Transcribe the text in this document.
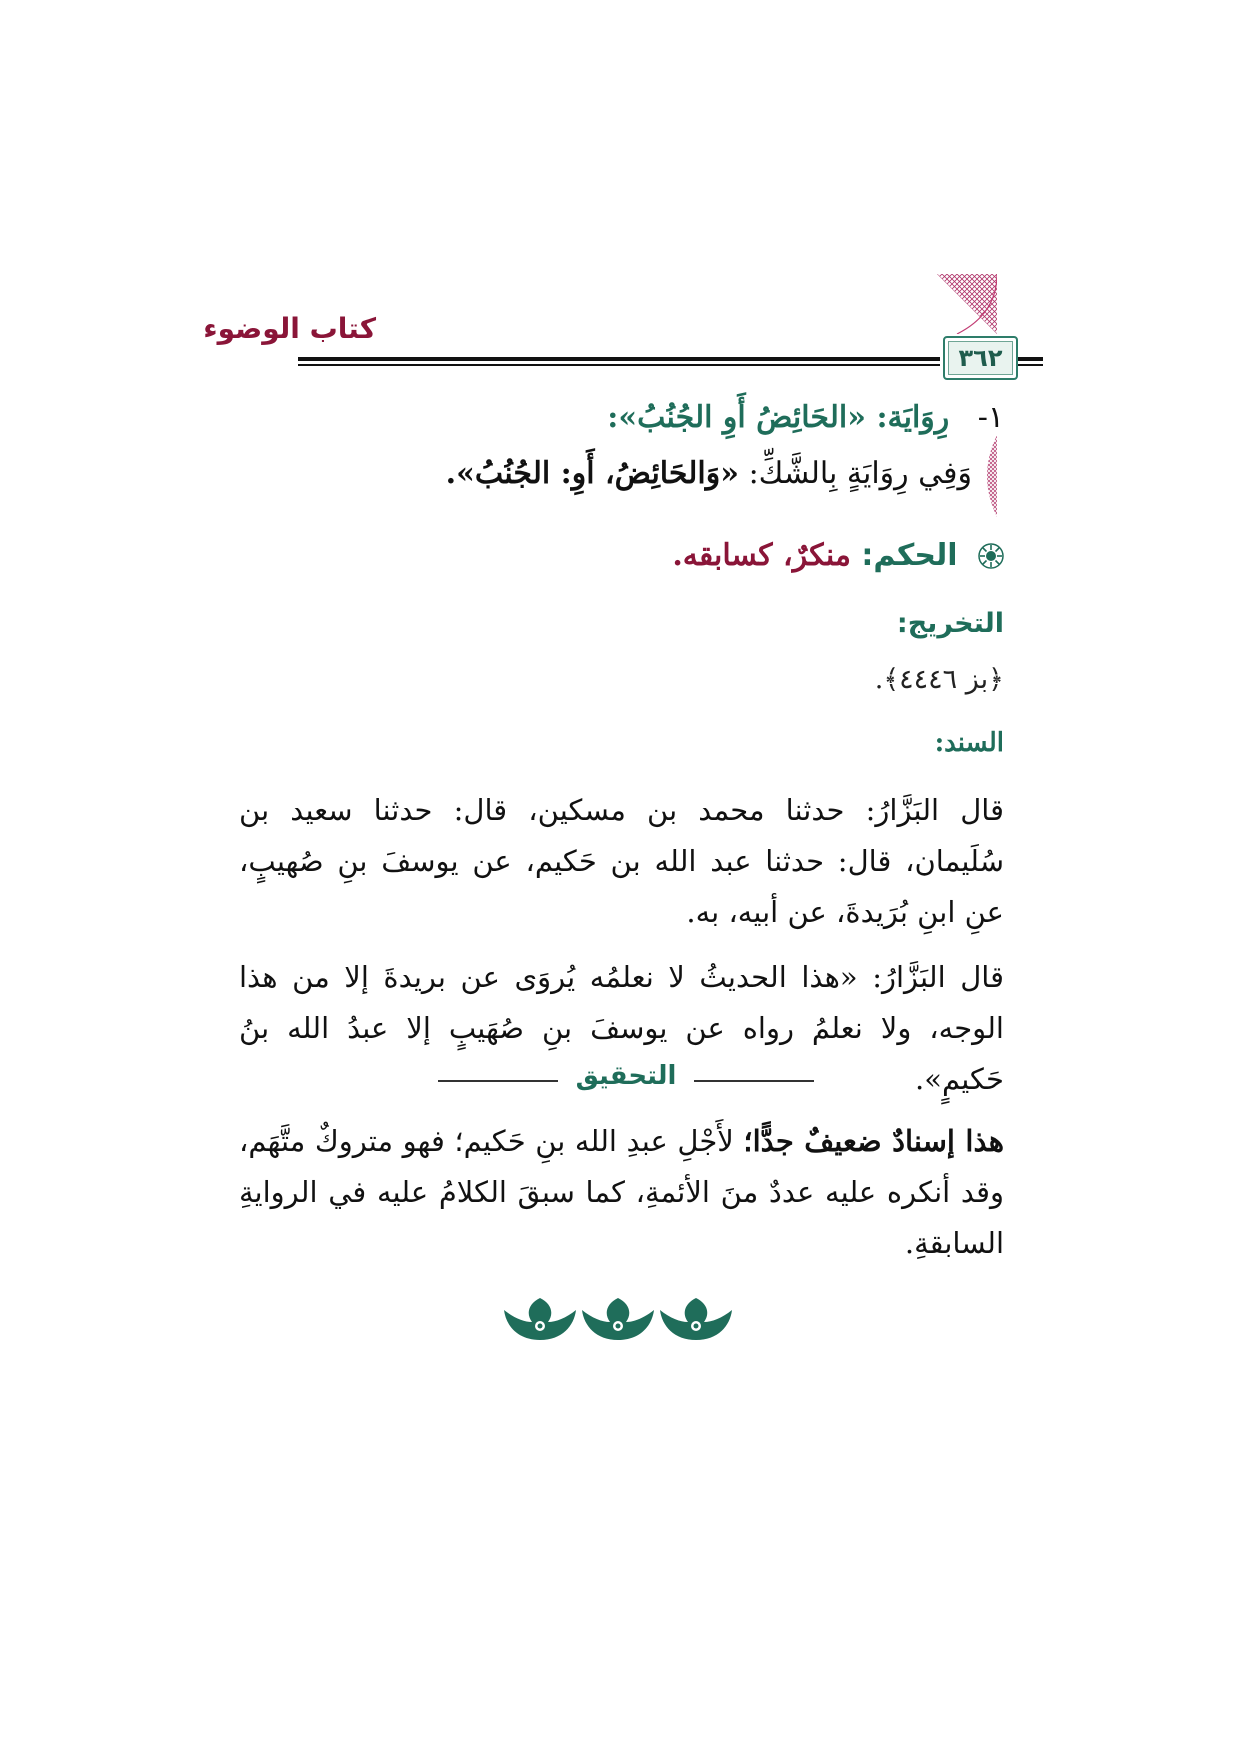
كتاب الوضوء
٣٦٢
١- رِوَايَة: «الحَائِضُ أَوِ الجُنُبُ»:
وَفِي رِوَايَةٍ بِالشَّكِّ: «وَالحَائِضُ، أَوِ: الجُنُبُ».
الحكم: منكرٌ، كسابقه.
التخريج:
﴿بز ٤٤٤٦﴾.
السند:
قال البَزَّارُ: حدثنا محمد بن مسكين، قال: حدثنا سعيد بن سُلَيمان، قال: حدثنا عبد الله بن حَكيم، عن يوسفَ بنِ صُهيبٍ، عنِ ابنِ بُرَيدةَ، عن أبيه، به.
قال البَزَّارُ: «هذا الحديثُ لا نعلمُه يُروَى عن بريدةَ إلا من هذا الوجه، ولا نعلمُ رواه عن يوسفَ بنِ صُهَيبٍ إلا عبدُ الله بنُ حَكيمٍ».
التحقيق
هذا إسنادٌ ضعيفٌ جدًّا؛ لأَجْلِ عبدِ الله بنِ حَكيم؛ فهو متروكٌ متَّهَم، وقد أنكره عليه عددٌ منَ الأئمةِ، كما سبقَ الكلامُ عليه في الروايةِ السابقةِ.
